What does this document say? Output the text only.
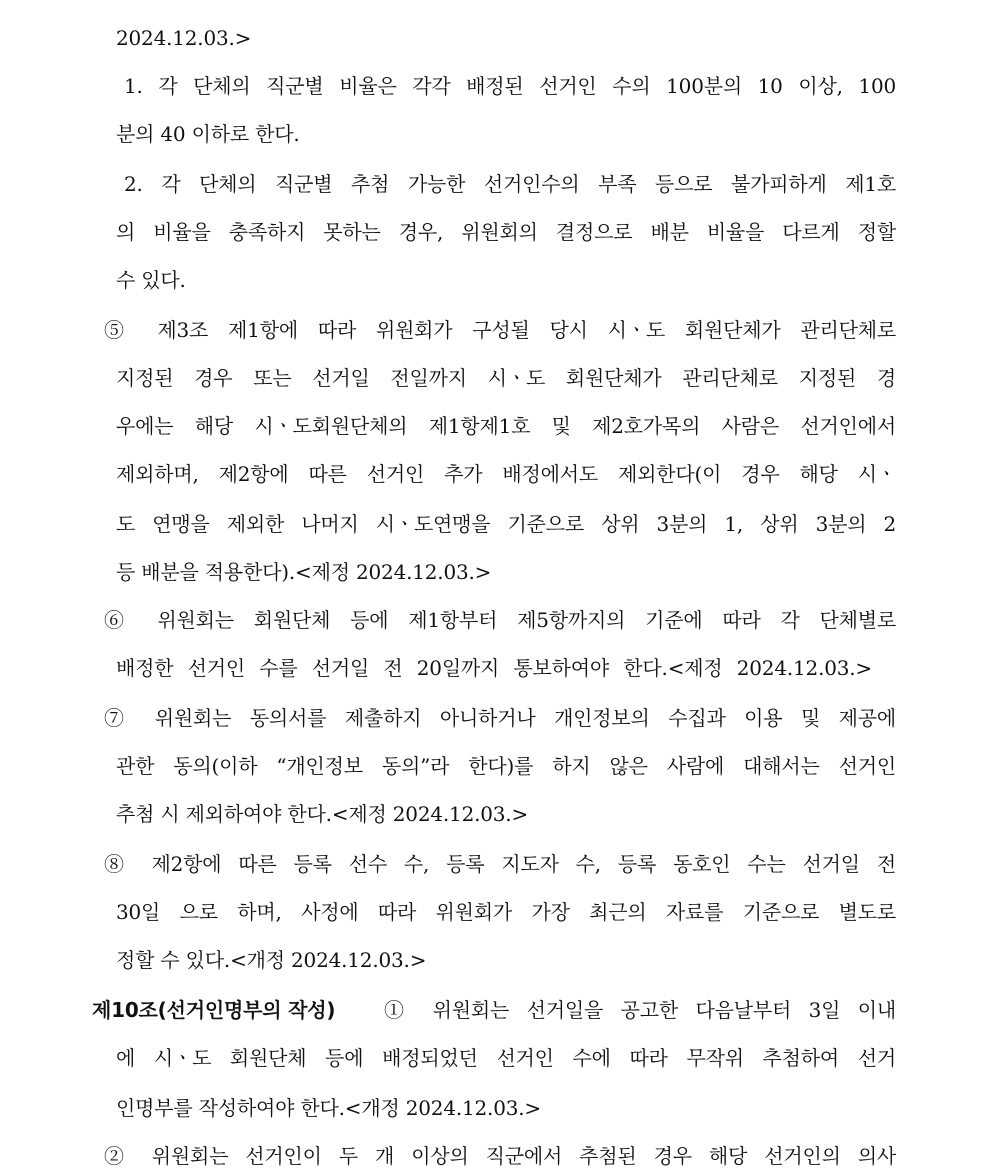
2024.12.03.>
1. 각 단체의 직군별 비율은 각각 배정된 선거인 수의 100분의 10 이상, 100
분의 40 이하로 한다.
2. 각 단체의 직군별 추첨 가능한 선거인수의 부족 등으로 불가피하게 제1호
의 비율을 충족하지 못하는 경우, 위원회의 결정으로 배분 비율을 다르게 정할
수 있다.
⑤ 제3조 제1항에 따라 위원회가 구성될 당시 시ㆍ도 회원단체가 관리단체로
지정된 경우 또는 선거일 전일까지 시ㆍ도 회원단체가 관리단체로 지정된 경
우에는 해당 시ㆍ도회원단체의 제1항제1호 및 제2호가목의 사람은 선거인에서
제외하며, 제2항에 따른 선거인 추가 배정에서도 제외한다(이 경우 해당 시ㆍ
도 연맹을 제외한 나머지 시ㆍ도연맹을 기준으로 상위 3분의 1, 상위 3분의 2
등 배분을 적용한다).<제정 2024.12.03.>
⑥ 위원회는 회원단체 등에 제1항부터 제5항까지의 기준에 따라 각 단체별로
배정한 선거인 수를 선거일 전 20일까지 통보하여야 한다.<제정 2024.12.03.>
⑦ 위원회는 동의서를 제출하지 아니하거나 개인정보의 수집과 이용 및 제공에
관한 동의(이하 “개인정보 동의”라 한다)를 하지 않은 사람에 대해서는 선거인
추첨 시 제외하여야 한다.<제정 2024.12.03.>
⑧ 제2항에 따른 등록 선수 수, 등록 지도자 수, 등록 동호인 수는 선거일 전
30일 으로 하며, 사정에 따라 위원회가 가장 최근의 자료를 기준으로 별도로
정할 수 있다.<개정 2024.12.03.>
제10조(선거인명부의 작성) ① 위원회는 선거일을 공고한 다음날부터 3일 이내
에 시ㆍ도 회원단체 등에 배정되었던 선거인 수에 따라 무작위 추첨하여 선거
인명부를 작성하여야 한다.<개정 2024.12.03.>
② 위원회는 선거인이 두 개 이상의 직군에서 추첨된 경우 해당 선거인의 의사
